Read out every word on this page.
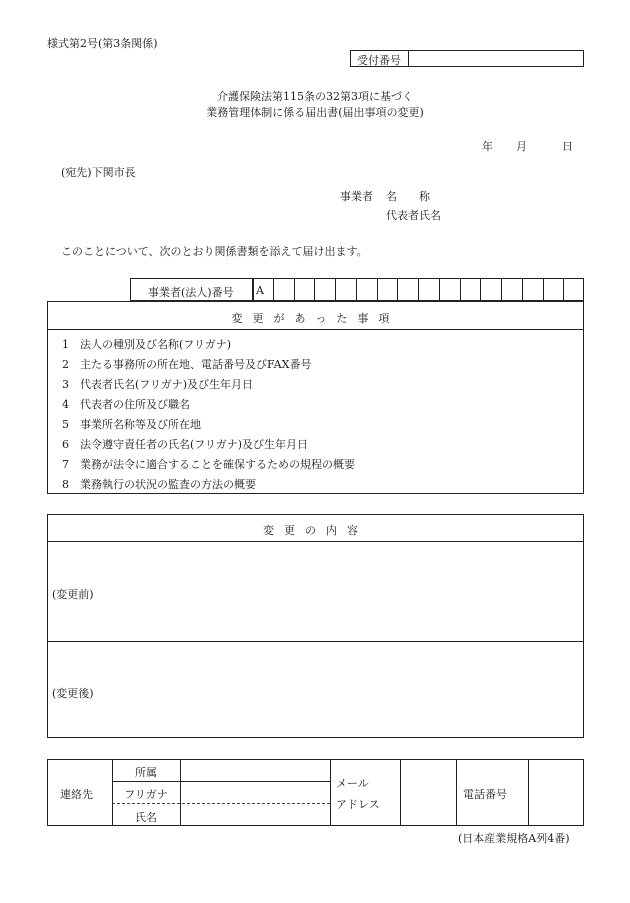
様式第2号(第3条関係)
受付番号
介護保険法第115条の32第3項に基づく
業務管理体制に係る届出書(届出事項の変更)
年 月	日
(宛先)下関市長
事業者 名　　称
代表者氏名
このことについて、次のとおり関係書類を添えて届け出ます。
事業者(法人)番号 A
変更があった事項
1 法人の種別及び名称(フリガナ)
2 主たる事務所の所在地、電話番号及びFAX番号
3 代表者氏名(フリガナ)及び生年月日
4 代表者の住所及び職名
5 事業所名称等及び所在地
6 法令遵守責任者の氏名(フリガナ)及び生年月日
7 業務が法令に適合することを確保するための規程の概要
8 業務執行の状況の監査の方法の概要
変更の内容
(変更前)
(変更後)
連絡先
所属
フリガナ
氏名
メール
アドレス
電話番号
(日本産業規格A列4番)
